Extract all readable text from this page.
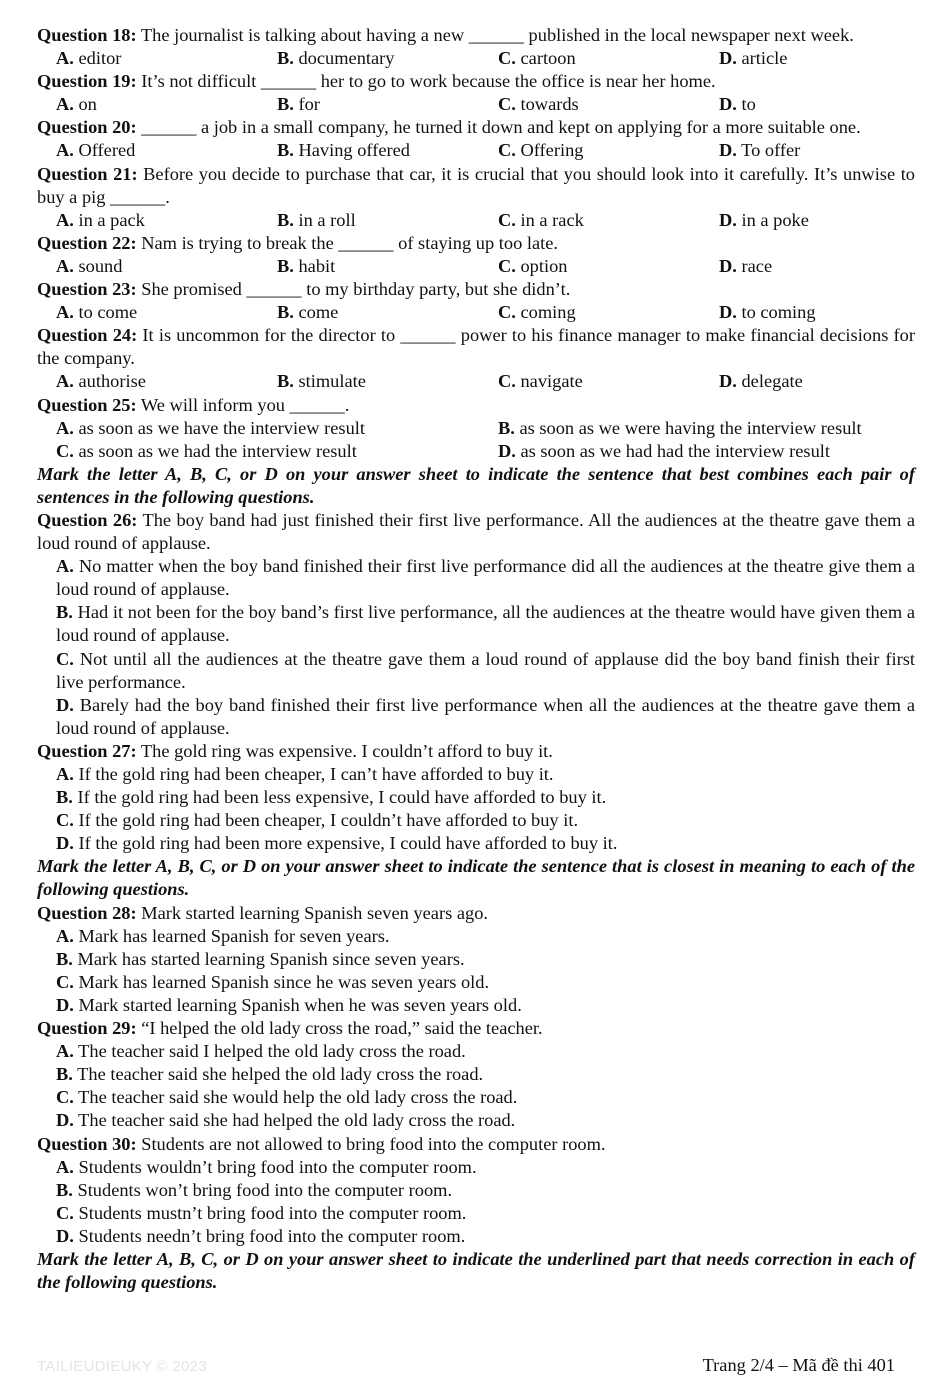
Question 18: The journalist is talking about having a new ______ published in the local newspaper next week.

A. editor	B. documentary	C. cartoon	D. article

Question 19: It’s not difficult ______ her to go to work because the office is near her home.

A. on	B. for	C. towards	D. to

Question 20: ______ a job in a small company, he turned it down and kept on applying for a more suitable one.

A. Offered	B. Having offered	C. Offering	D. To offer

Question 21: Before you decide to purchase that car, it is crucial that you should look into it carefully. It’s unwise to buy a pig ______.

A. in a pack	B. in a roll	C. in a rack	D. in a poke

Question 22: Nam is trying to break the ______ of staying up too late.

A. sound	B. habit	C. option	D. race

Question 23: She promised ______ to my birthday party, but she didn’t.

A. to come	B. come	C. coming	D. to coming

Question 24: It is uncommon for the director to ______ power to his finance manager to make financial decisions for the company.

A. authorise	B. stimulate	C. navigate	D. delegate

Question 25: We will inform you ______.

A. as soon as we have the interview result	B. as soon as we were having the interview result
C. as soon as we had the interview result	D. as soon as we had had the interview result

Mark the letter A, B, C, or D on your answer sheet to indicate the sentence that best combines each pair of sentences in the following questions.

Question 26: The boy band had just finished their first live performance. All the audiences at the theatre gave them a loud round of applause.

A. No matter when the boy band finished their first live performance did all the audiences at the theatre give them a loud round of applause.
B. Had it not been for the boy band’s first live performance, all the audiences at the theatre would have given them a loud round of applause.
C. Not until all the audiences at the theatre gave them a loud round of applause did the boy band finish their first live performance.
D. Barely had the boy band finished their first live performance when all the audiences at the theatre gave them a loud round of applause.

Question 27: The gold ring was expensive. I couldn’t afford to buy it.

A. If the gold ring had been cheaper, I can’t have afforded to buy it.
B. If the gold ring had been less expensive, I could have afforded to buy it.
C. If the gold ring had been cheaper, I couldn’t have afforded to buy it.
D. If the gold ring had been more expensive, I could have afforded to buy it.

Mark the letter A, B, C, or D on your answer sheet to indicate the sentence that is closest in meaning to each of the following questions.

Question 28: Mark started learning Spanish seven years ago.

A. Mark has learned Spanish for seven years.
B. Mark has started learning Spanish since seven years.
C. Mark has learned Spanish since he was seven years old.
D. Mark started learning Spanish when he was seven years old.

Question 29: “I helped the old lady cross the road,” said the teacher.

A. The teacher said I helped the old lady cross the road.
B. The teacher said she helped the old lady cross the road.
C. The teacher said she would help the old lady cross the road.
D. The teacher said she had helped the old lady cross the road.

Question 30: Students are not allowed to bring food into the computer room.

A. Students wouldn’t bring food into the computer room.
B. Students won’t bring food into the computer room.
C. Students mustn’t bring food into the computer room.
D. Students needn’t bring food into the computer room.

Mark the letter A, B, C, or D on your answer sheet to indicate the underlined part that needs correction in each of the following questions.

TAILIEUDIEUKY © 2023	Trang 2/4 – Mã đề thi 401
